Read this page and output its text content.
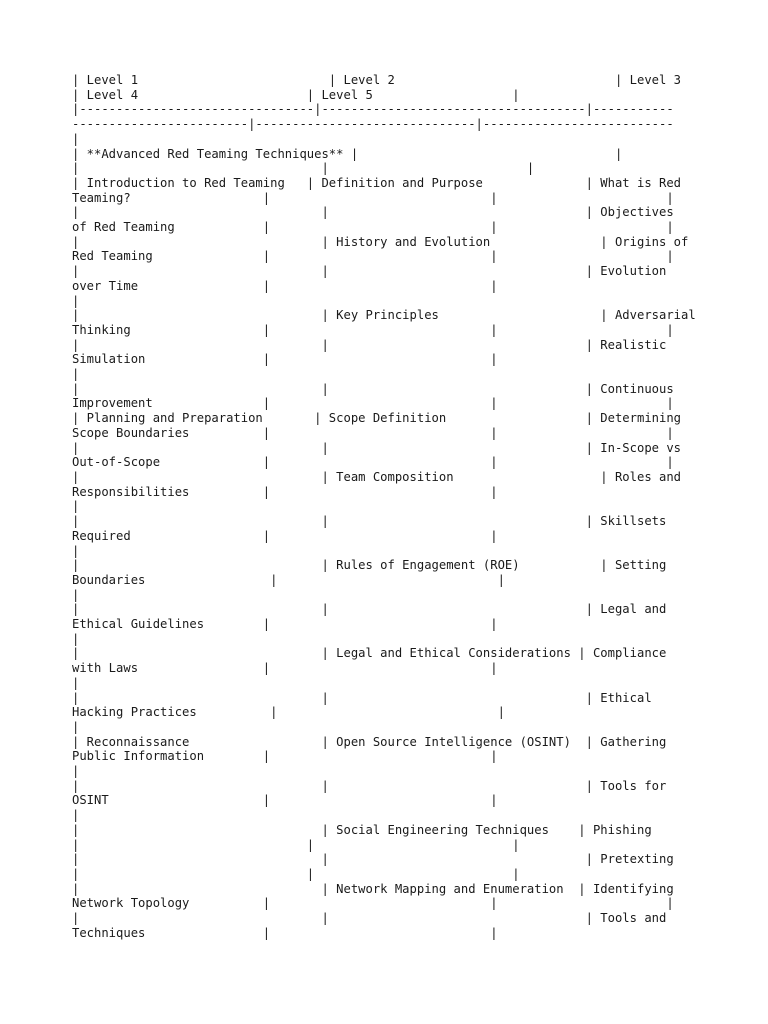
| Level 1                          | Level 2                              | Level 3
| Level 4                       | Level 5                   |
|--------------------------------|------------------------------------|-----------
------------------------|------------------------------|--------------------------
|
| **Advanced Red Teaming Techniques** |                                   |
|                                 |                           |
| Introduction to Red Teaming   | Definition and Purpose              | What is Red
Teaming?                  |                              |                       |
|                                 |                                   | Objectives
of Red Teaming            |                              |                       |
|                                 | History and Evolution               | Origins of
Red Teaming               |                              |                       |
|                                 |                                   | Evolution
over Time                 |                              |
|
|                                 | Key Principles                      | Adversarial
Thinking                  |                              |                       |
|                                 |                                   | Realistic
Simulation                |                              |
|
|                                 |                                   | Continuous
Improvement               |                              |                       |
| Planning and Preparation       | Scope Definition                   | Determining
Scope Boundaries          |                              |                       |
|                                 |                                   | In-Scope vs
Out-of-Scope              |                              |                       |
|                                 | Team Composition                    | Roles and
Responsibilities          |                              |
|
|                                 |                                   | Skillsets
Required                  |                              |
|
|                                 | Rules of Engagement (ROE)           | Setting
Boundaries                 |                              |
|
|                                 |                                   | Legal and
Ethical Guidelines        |                              |
|
|                                 | Legal and Ethical Considerations | Compliance
with Laws                 |                              |
|
|                                 |                                   | Ethical
Hacking Practices          |                              |
|
| Reconnaissance                  | Open Source Intelligence (OSINT)  | Gathering
Public Information        |                              |
|
|                                 |                                   | Tools for
OSINT                     |                              |
|
|                                 | Social Engineering Techniques    | Phishing
|                               |                           |
|                                 |                                   | Pretexting
|                               |                           |
|                                 | Network Mapping and Enumeration  | Identifying
Network Topology          |                              |                       |
|                                 |                                   | Tools and
Techniques                |                              |
